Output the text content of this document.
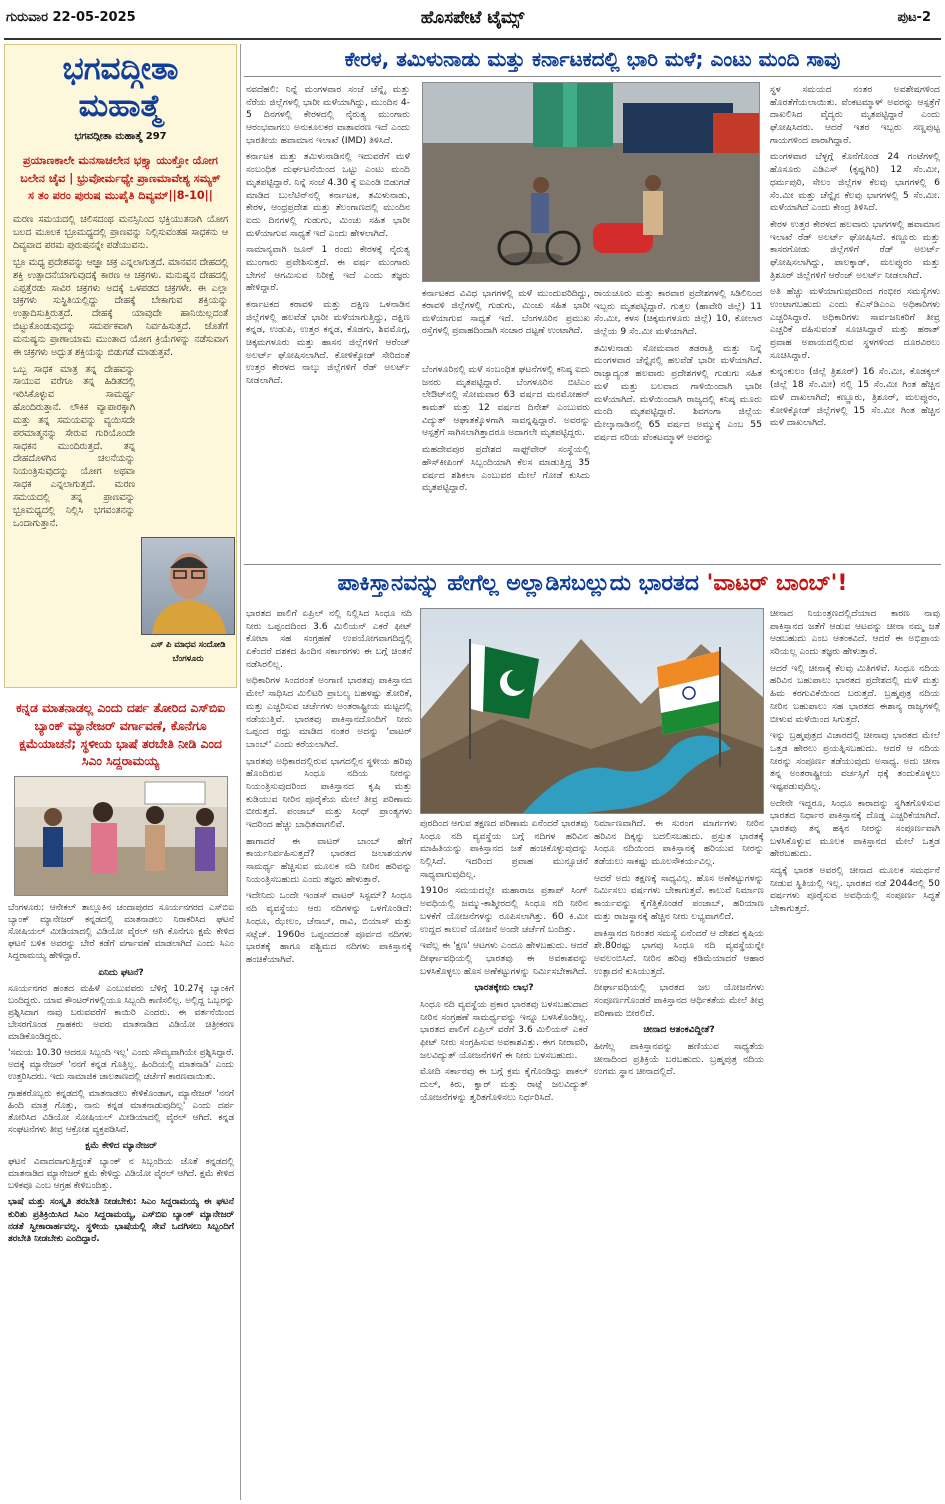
ಗುರುವಾರ 22-05-2025	ಹೊಸಪೇಟೆ ಟೈಮ್ಸ್	ಪುಟ-2
ಭಗವದ್ಗೀತಾ
ಮಹಾತ್ಮೆ
ಭಗವದ್ಗೀತಾ ಮಹಾತ್ಮೆ 297
ಪ್ರಯಾಣಕಾಲೇ ಮನಸಾಚಲೇನ ಭಕ್ತ್ಯಾ ಯುಕ್ತೋ ಯೋಗ ಬಲೇನ ಚೈವ | ಭ್ರುವೋರ್ಮಧ್ಯೇ ಪ್ರಾಣಮಾವೇಶ್ಯ ಸಮ್ಯಕ್ ಸ ತಂ ಪರಂ ಪುರುಷ ಮುಪೈತಿ ದಿವ್ಯಮ್||8-10||

ಮರಣ ಸಮಯದಲ್ಲಿ ಚಲಿಸದಂಥ ಮನಸ್ಸಿನಿಂದ ಭಕ್ತಿಯುತನಾಗಿ ಯೋಗ ಬಲದ ಮೂಲಕ ಭ್ರೂಮಧ್ಯದಲ್ಲಿ ಪ್ರಾಣವನ್ನು ನಿಲ್ಲಿಸುವಂತಹ ಸಾಧಕನು ಆ ದಿವ್ಯವಾದ ಪರಮ ಪುರುಷನನ್ನೇ ಪಡೆಯುವನು.

ಭ್ರೂ ಮಧ್ಯ ಪ್ರದೇಶವನ್ನು ಆಜ್ಞಾ ಚಕ್ರ ಎನ್ನಲಾಗುತ್ತದೆ. ಮಾನವನ ದೇಹದಲ್ಲಿ ಶಕ್ತಿ ಉತ್ಪಾದನೆಯಾಗುವುದಕ್ಕೆ ಕಾರಣ ಆ ಚಕ್ರಗಳು. ಮನುಷ್ಯನ ದೇಹದಲ್ಲಿ ಎಪ್ಪತ್ತೆರಡು ಸಾವಿರ ಚಕ್ರಗಳು ಅದಕ್ಕೆ ಒಳಪಡದ ಚಕ್ರಗಳೇ. ಈ ಎಲ್ಲಾ ಚಕ್ರಗಳು ಸುಸ್ಥಿತಿಯಲ್ಲಿದ್ದು ದೇಹಕ್ಕೆ ಬೇಕಾಗುವ ಶಕ್ತಿಯನ್ನು ಉತ್ಪಾದಿಸುತ್ತಿರುತ್ತದೆ. ದೇಹಕ್ಕೆ ಯಾವುದೇ ಹಾನಿಯಿಲ್ಲದಂತೆ ಬಿಟ್ಟುಕೊಂಡುವುದನ್ನು ಸಮರ್ಪಕವಾಗಿ ನಿರ್ವಹಿಸುತ್ತದೆ. ಜೊತೆಗೆ ಮನುಷ್ಯನು ಪ್ರಾಣಾಯಾಮ ಮುಂತಾದ ಯೋಗ ಕ್ರಿಯೆಗಳನ್ನು ನಡೆಸುವಾಗ ಈ ಚಕ್ರಗಳು ಅದ್ಭುತ ಶಕ್ತಿಯನ್ನು ಬಿಡುಗಡೆ ಮಾಡುತ್ತವೆ.

ಒಬ್ಬ ಸಾಧಕ ಮಾತ್ರ ತನ್ನ ದೇಹವನ್ನು ಸಾಯುವ ವರೆಗೂ ತನ್ನ ಹಿಡಿತದಲ್ಲಿ ಇರಿಸಿಕೊಳ್ಳುವ ಸಾಮರ್ಥ್ಯ ಹೊಂದಿರುತ್ತಾನೆ. ಲೌಕಿಕ ವ್ಯಾಪಾರಕ್ಕಾಗಿ ಮತ್ತು ತನ್ನ ಸಮಯವನ್ನು ವ್ಯಯಿಸದೇ ಪರಮಾತ್ಮನನ್ನು ಸೇರುವ ಗುರಿಯೊಂದೇ ಸಾಧಕನ ಮುಂದಿರುತ್ತದೆ. ತನ್ನ ದೇಹದೊಳಗಿನ ಚಲನೆಯನ್ನು ನಿಯಂತ್ರಿಸುವುದನ್ನು ಯೋಗ ಅಥವಾ ಸಾಧಕ ಎನ್ನಲಾಗುತ್ತದೆ. ಮರಣ ಸಮಯದಲ್ಲಿ ತನ್ನ ಪ್ರಾಣವನ್ನು ಭ್ರೂಮಧ್ಯದಲ್ಲಿ ನಿಲ್ಲಿಸಿ ಭಗವಂತನನ್ನು ಒಂದಾಗುತ್ತಾನೆ.

ಎಸ್ ಪಿ ಮಾಧವ ಸಂದೋಡಿ
ಬೆಂಗಳೂರು
ಕನ್ನಡ ಮಾತನಾಡಲ್ಲ ಎಂದು ದರ್ಪ ತೋರಿದ ಎಸ್‌ಬಿಐ ಬ್ಯಾಂಕ್ ಮ್ಯಾನೇಜರ್ ವರ್ಗಾವಣೆ, ಕೊನೆಗೂ ಕ್ಷಮೆಯಾಚನೆ; ಸ್ಥಳೀಯ ಭಾಷೆ ತರಬೇತಿ ನೀಡಿ ಎಂದ ಸಿಎಂ ಸಿದ್ದರಾಮಯ್ಯ

ಬೆಂಗಳೂರು: ಆನೇಕಲ್ ತಾಲ್ಲೂಕಿನ ಚಂದಾಪುರದ ಸೂರ್ಯನಗರದ ಎಸ್‌ಬಿಐ ಬ್ಯಾಂಕ್ ಮ್ಯಾನೇಜರ್ ಕನ್ನಡದಲ್ಲಿ ಮಾತನಾಡಲು ನಿರಾಕರಿಸಿದ ಘಟನೆ ಸೋಷಿಯಲ್ ಮೀಡಿಯಾದಲ್ಲಿ ವಿಡಿಯೋ ವೈರಲ್ ಆಗಿ ಕೊನೆಗೂ ಕ್ಷಮೆ ಕೇಳಿದ ಘಟನೆ ಬಳಿಕ ಅವರನ್ನು ಬೇರೆ ಕಡೆಗೆ ವರ್ಗಾವಣೆ ಮಾಡಲಾಗಿದೆ ಎಂದು ಸಿಎಂ ಸಿದ್ದರಾಮಯ್ಯ ಹೇಳಿದ್ದಾರೆ.

ಏನಿದು ಘಟನೆ?

ಸೂರ್ಯನಗರ ಹಂತದ ಮಹಿಳೆ ಎಂಬುವವರು ಬೆಳಿಗ್ಗೆ 10.27ಕ್ಕೆ ಬ್ಯಾಂಕಿಗೆ ಬಂದಿದ್ದರು. ಯಾವ ಕೌಂಟರ್‌ಗಳಲ್ಲಿಯೂ ಸಿಬ್ಬಂದಿ ಕಾಣಿಸಲಿಲ್ಲ. ಅಲ್ಲಿದ್ದ ಒಬ್ಬರನ್ನು ಪ್ರಶ್ನಿಸಿದಾಗ ನಾವು ಬರುವವರೆಗೆ ಕಾಯಿರಿ ಎಂದರು. ಈ ವರ್ತನೆಯಿಂದ ಬೇಸರಗೊಂಡ ಗ್ರಾಹಕರು ಅವರು ಮಾತನಾಡಿದ ವಿಡಿಯೋ ಚಿತ್ರೀಕರಣ ಮಾಡಿಕೊಂಡಿದ್ದರು.

'ಸಮಯ 10.30 ಆದರೂ ಸಿಬ್ಬಂದಿ ಇಲ್ಲ' ಎಂದು ಸೌಮ್ಯವಾಗಿಯೇ ಪ್ರಶ್ನಿಸಿದ್ದಾರೆ. ಅದಕ್ಕೆ ಮ್ಯಾನೇಜರ್ 'ನನಗೆ ಕನ್ನಡ ಗೊತ್ತಿಲ್ಲ. ಹಿಂದಿಯಲ್ಲಿ ಮಾತನಾಡಿ' ಎಂದು ಉತ್ತರಿಸಿದರು. ಇದು ಸಾಮಾಜಿಕ ಜಾಲತಾಣದಲ್ಲಿ ಚರ್ಚೆಗೆ ಕಾರಣವಾಯಿತು.

ಗ್ರಾಹಕರೊಬ್ಬರು ಕನ್ನಡದಲ್ಲಿ ಮಾತನಾಡಲು ಕೇಳಿಕೊಂಡಾಗ, ಮ್ಯಾನೇಜರ್ 'ನನಗೆ ಹಿಂದಿ ಮಾತ್ರ ಗೊತ್ತು, ನಾನು ಕನ್ನಡ ಮಾತನಾಡುವುದಿಲ್ಲ' ಎಂದು ದರ್ಪ ತೋರಿಸಿದ ವಿಡಿಯೋ ಸೋಷಿಯಲ್ ಮೀಡಿಯಾದಲ್ಲಿ ವೈರಲ್ ಆಗಿದೆ. ಕನ್ನಡ ಸಂಘಟನೆಗಳು ತೀವ್ರ ಆಕ್ರೋಶ ವ್ಯಕ್ತಪಡಿಸಿವೆ.

ಕ್ಷಮೆ ಕೇಳಿದ ಮ್ಯಾನೇಜರ್

ಘಟನೆ ವಿವಾದವಾಗುತ್ತಿದ್ದಂತೆ ಬ್ಯಾಂಕ್ ನ ಸಿಬ್ಬಂದಿಯ ಜೊತೆ ಕನ್ನಡದಲ್ಲಿ ಮಾತನಾಡಿದ ಮ್ಯಾನೇಜರ್ ಕ್ಷಮೆ ಕೇಳಿದ್ದು ವಿಡಿಯೋ ವೈರಲ್ ಆಗಿದೆ. ಕ್ಷಮೆ ಕೇಳಿದ ಬಳಿಕವೂ ಎಂಬ ಆಗ್ರಹ ಕೇಳಿಬಂದಿತ್ತು.

ಭಾಷೆ ಮತ್ತು ಸಂಸ್ಕೃತಿ ತರಬೇತಿ ನೀಡಬೇಕು: ಸಿಎಂ ಸಿದ್ದರಾಮಯ್ಯ ಈ ಘಟನೆ ಕುರಿತು ಪ್ರತಿಕ್ರಿಯಿಸಿದ ಸಿಎಂ ಸಿದ್ದರಾಮಯ್ಯ, ಎಸ್‌ಬಿಐ ಬ್ಯಾಂಕ್ ಮ್ಯಾನೇಜರ್ ನಡತೆ ಸ್ವೀಕಾರಾರ್ಹವಲ್ಲ. ಸ್ಥಳೀಯ ಭಾಷೆಯಲ್ಲಿ ಸೇವೆ ಒದಗಿಸಲು ಸಿಬ್ಬಂದಿಗೆ ತರಬೇತಿ ನೀಡಬೇಕು ಎಂದಿದ್ದಾರೆ.

ಕೇರಳ, ತಮಿಳುನಾಡು ಮತ್ತು ಕರ್ನಾಟಕದಲ್ಲಿ ಭಾರಿ ಮಳೆ; ಎಂಟು ಮಂದಿ ಸಾವು

ನವದೆಹಲಿ: ನಿನ್ನೆ ಮಂಗಳವಾರ ಸಂಜೆ ಚೆನ್ನೈ ಮತ್ತು ನೆರೆಯ ಜಿಲ್ಲೆಗಳಲ್ಲಿ ಭಾರೀ ಮಳೆಯಾಗಿದ್ದು, ಮುಂದಿನ 4-5 ದಿನಗಳಲ್ಲಿ ಕೇರಳದಲ್ಲಿ ನೈರುತ್ಯ ಮುಂಗಾರು ಆರಂಭವಾಗಲು ಅನುಕೂಲಕರ ವಾತಾವರಣ ಇದೆ ಎಂದು ಭಾರತೀಯ ಹವಾಮಾನ ಇಲಾಖೆ (IMD) ತಿಳಿಸಿದೆ.

ಕರ್ನಾಟಕ ಮತ್ತು ತಮಿಳುನಾಡಿನಲ್ಲಿ ಇದುವರೆಗೆ ಮಳೆ ಸಂಬಂಧಿತ ದುರ್ಘಟನೆಯಿಂದ ಒಟ್ಟು ಎಂಟು ಮಂದಿ ಮೃತಪಟ್ಟಿದ್ದಾರೆ. ನಿನ್ನೆ ಸಂಜೆ 4.30 ಕ್ಕೆ ಐಎಂಡಿ ಬಿಡುಗಡೆ ಮಾಡಿದ ಬುಲೆಟಿನ್‌ನಲ್ಲಿ ಕರ್ನಾಟಕ, ತಮಿಳುನಾಡು, ಕೇರಳ, ಆಂಧ್ರಪ್ರದೇಶ ಮತ್ತು ತೆಲಂಗಾಣದಲ್ಲಿ ಮುಂದಿನ ಐದು ದಿನಗಳಲ್ಲಿ ಗುಡುಗು, ಮಿಂಚು ಸಹಿತ ಭಾರೀ ಮಳೆಯಾಗುವ ಸಾಧ್ಯತೆ ಇದೆ ಎಂದು ಹೇಳಲಾಗಿದೆ.

ಸಾಮಾನ್ಯವಾಗಿ ಜೂನ್ 1 ರಂದು ಕೇರಳಕ್ಕೆ ನೈರುತ್ಯ ಮುಂಗಾರು ಪ್ರವೇಶಿಸುತ್ತದೆ. ಈ ವರ್ಷ ಮುಂಗಾರು ಬೇಗನೆ ಆಗಮಿಸುವ ನಿರೀಕ್ಷೆ ಇದೆ ಎಂದು ತಜ್ಞರು ಹೇಳಿದ್ದಾರೆ.

ಕರ್ನಾಟಕದ ಕರಾವಳಿ ಮತ್ತು ದಕ್ಷಿಣ ಒಳನಾಡಿನ ಜಿಲ್ಲೆಗಳಲ್ಲಿ ಹಲವೆಡೆ ಭಾರೀ ಮಳೆಯಾಗುತ್ತಿದ್ದು, ದಕ್ಷಿಣ ಕನ್ನಡ, ಉಡುಪಿ, ಉತ್ತರ ಕನ್ನಡ, ಕೊಡಗು, ಶಿವಮೊಗ್ಗ, ಚಿಕ್ಕಮಗಳೂರು ಮತ್ತು ಹಾಸನ ಜಿಲ್ಲೆಗಳಿಗೆ ಆರೆಂಜ್ ಅಲರ್ಟ್ ಘೋಷಿಸಲಾಗಿದೆ. ಕೋಳಿಕ್ಕೋಡ್ ಸೇರಿದಂತೆ ಉತ್ತರ ಕೇರಳದ ನಾಲ್ಕು ಜಿಲ್ಲೆಗಳಿಗೆ ರೆಡ್ ಅಲರ್ಟ್ ನೀಡಲಾಗಿದೆ.

ಕರ್ನಾಟಕದ ವಿವಿಧ ಭಾಗಗಳಲ್ಲಿ ಮಳೆ ಮುಂದುವರಿದಿದ್ದು, ಕರಾವಳಿ ಜಿಲ್ಲೆಗಳಲ್ಲಿ ಗುಡುಗು, ಮಿಂಚು ಸಹಿತ ಭಾರೀ ಮಳೆಯಾಗುವ ಸಾಧ್ಯತೆ ಇದೆ. ಬೆಂಗಳೂರಿನ ಪ್ರಮುಖ ರಸ್ತೆಗಳಲ್ಲಿ ಪ್ರವಾಹದಿಂದಾಗಿ ಸಂಚಾರ ದಟ್ಟಣೆ ಉಂಟಾಗಿದೆ.

ಬೆಂಗಳೂರಿನಲ್ಲಿ ಮಳೆ ಸಂಬಂಧಿತ ಘಟನೆಗಳಲ್ಲಿ ಕನಿಷ್ಠ ಐದು ಜನರು ಮೃತಪಟ್ಟಿದ್ದಾರೆ. ಬೆಂಗಳೂರಿನ ಬಿಟಿಎಂ ಲೇಔಟ್‌ನಲ್ಲಿ ಸೋಮವಾರ 63 ವರ್ಷದ ಮನಮೋಹನ್ ಕಾಮತ್ ಮತ್ತು 12 ವರ್ಷದ ದಿನೇಶ್ ಎಂಬುವರು ವಿದ್ಯುತ್ ಆಘಾತಕ್ಕೊಳಗಾಗಿ ಸಾವನ್ನಪ್ಪಿದ್ದಾರೆ. ಅವರನ್ನು ಆಸ್ಪತ್ರೆಗೆ ಸಾಗಿಸಲಾಗಿತ್ತಾದರೂ ಅದಾಗಲೇ ಮೃತಪಟ್ಟಿದ್ದರು.

ಮಹದೇವಪುರ ಪ್ರದೇಶದ ಸಾಫ್ಟ್‌ವೇರ್ ಸಂಸ್ಥೆಯಲ್ಲಿ ಹೌಸ್‌ಕೀಪಿಂಗ್ ಸಿಬ್ಬಂದಿಯಾಗಿ ಕೆಲಸ ಮಾಡುತ್ತಿದ್ದ 35 ವರ್ಷದ ಶಶಿಕಲಾ ಎಂಬುವರ ಮೇಲೆ ಗೋಡೆ ಕುಸಿದು ಮೃತಪಟ್ಟಿದ್ದಾರೆ.

ರಾಯಚೂರು ಮತ್ತು ಕಾರವಾರ ಪ್ರದೇಶಗಳಲ್ಲಿ ಸಿಡಿಲಿನಿಂದ ಇಬ್ಬರು ಮೃತಪಟ್ಟಿದ್ದಾರೆ. ಗುತ್ತಲ (ಹಾವೇರಿ ಜಿಲ್ಲೆ) 11 ಸೆಂ.ಮೀ, ಕಳಸ (ಚಿಕ್ಕಮಗಳೂರು ಜಿಲ್ಲೆ) 10, ಕೋಲಾರ ಜಿಲ್ಲೆಯ 9 ಸೆಂ.ಮೀ ಮಳೆಯಾಗಿದೆ.

ತಮಿಳುನಾಡು ಸೋಮವಾರ ತಡರಾತ್ರಿ ಮತ್ತು ನಿನ್ನೆ ಮಂಗಳವಾರ ಚೆನ್ನೈನಲ್ಲಿ ಹಲವೆಡೆ ಭಾರೀ ಮಳೆಯಾಗಿದೆ. ರಾಜ್ಯಾದ್ಯಂತ ಹಲವಾರು ಪ್ರದೇಶಗಳಲ್ಲಿ ಗುಡುಗು ಸಹಿತ ಮಳೆ ಮತ್ತು ಬಲವಾದ ಗಾಳಿಯಿಂದಾಗಿ ಭಾರೀ ಮಳೆಯಾಗಿದೆ. ಮಳೆಯಿಂದಾಗಿ ರಾಜ್ಯದಲ್ಲಿ ಕನಿಷ್ಠ ಮೂರು ಮಂದಿ ಮೃತಪಟ್ಟಿದ್ದಾರೆ. ಶಿವಗಂಗಾ ಜಿಲ್ಲೆಯ ಮೇಲ್ಕಾನಾಡಿನಲ್ಲಿ 65 ವರ್ಷದ ಅಮ್ಮುಕ್ಕೆ ಎಂಬ 55 ವರ್ಷದ ನರಿಯ ವೆಂಕಟಮ್ಮಾಳ್ ಅವರನ್ನು

ಸ್ಥಳ ಸಮಯದ ನಂತರ ಅವಶೇಷಗಳಿಂದ ಹೊರತೆಗೆಯಲಾಯಿತು. ವೆಂಕಟಮ್ಮಾಳ್ ಅವರನ್ನು ಆಸ್ಪತ್ರೆಗೆ ದಾಖಲಿಸಿದ ವೈದ್ಯರು ಮೃತಪಟ್ಟಿದ್ದಾರೆ ಎಂದು ಘೋಷಿಸಿದರು. ಆದರೆ ಇತರ ಇಬ್ಬರು ಸಣ್ಣಪುಟ್ಟ ಗಾಯಗಳಿಂದ ಪಾರಾಗಿದ್ದಾರೆ.

ಮಂಗಳವಾರ ಬೆಳ್ಳಗ್ಗೆ ಕೊನೆಗೊಂಡ 24 ಗಂಟೆಗಳಲ್ಲಿ ಹೊಸೂರು ಎಡಿಎಸ್ (ಕೃಷ್ಣಗಿರಿ) 12 ಸೆಂ.ಮೀ, ಧರ್ಮಪುರಿ, ಸೇಲಂ ಜಿಲ್ಲೆಗಳ ಕೆಲವು ಭಾಗಗಳಲ್ಲಿ 6 ಸೆಂ.ಮೀ ಮತ್ತು ಚೆನ್ನೈನ ಕೆಲವು ಭಾಗಗಳಲ್ಲಿ 5 ಸೆಂ.ಮೀ. ಮಳೆಯಾಗಿದೆ ಎಂದು ಕೇಂದ್ರ ತಿಳಿಸಿದೆ.

ಕೇರಳ ಉತ್ತರ ಕೇರಳದ ಹಲವಾರು ಭಾಗಗಳಲ್ಲಿ ಹವಾಮಾನ ಇಲಾಖೆ ರೆಡ್ ಅಲರ್ಟ್ ಘೋಷಿಸಿದೆ. ಕಣ್ಣೂರು ಮತ್ತು ಕಾಸರಗೋಡು ಜಿಲ್ಲೆಗಳಿಗೆ ರೆಡ್ ಅಲರ್ಟ್ ಘೋಷಿಸಲಾಗಿದ್ದು, ಪಾಲಕ್ಕಾಡ್, ಮಲಪ್ಪುರಂ ಮತ್ತು ತ್ರಿಶೂರ್ ಜಿಲ್ಲೆಗಳಿಗೆ ಆರೆಂಜ್ ಅಲರ್ಟ್ ನೀಡಲಾಗಿದೆ.

ಅತಿ ಹೆಚ್ಚು ಮಳೆಯಾಗುವುದರಿಂದ ಗಂಭೀರ ಸಮಸ್ಯೆಗಳು ಉಂಟಾಗಬಹುದು ಎಂದು ಕೆಎಸ್‌ಡಿಎಂಎ ಅಧಿಕಾರಿಗಳು ಎಚ್ಚರಿಸಿದ್ದಾರೆ. ಅಧಿಕಾರಿಗಳು ಸಾರ್ವಜನಿಕರಿಗೆ ತೀವ್ರ ಎಚ್ಚರಿಕೆ ವಹಿಸುವಂತೆ ಸೂಚಿಸಿದ್ದಾರೆ ಮತ್ತು ಹಠಾತ್ ಪ್ರವಾಹ ಅಪಾಯದಲ್ಲಿರುವ ಸ್ಥಳಗಳಿಂದ ದೂರವಿರಲು ಸೂಚಿಸಿದ್ದಾರೆ.

ಕುನ್ನಂಕುಲಂ (ಜಿಲ್ಲೆ ತ್ರಿಶೂರ್) 16 ಸೆಂ.ಮೀ, ಕೊಡಕ್ಕಲ್ (ಜಿಲ್ಲೆ 18 ಸೆಂ.ಮೀ) ನಲ್ಲಿ 15 ಸೆಂ.ಮೀ ಗಿಂತ ಹೆಚ್ಚಿನ ಮಳೆ ದಾಖಲಾಗಿದೆ; ಕಣ್ಣೂರು, ತ್ರಿಶೂರ್, ಮಲಪ್ಪುರಂ, ಕೋಳಿಕ್ಕೋಡ್ ಜಿಲ್ಲೆಗಳಲ್ಲಿ 15 ಸೆಂ.ಮೀ ಗಿಂತ ಹೆಚ್ಚಿನ ಮಳೆ ದಾಖಲಾಗಿದೆ.

ಪಾಕಿಸ್ತಾನವನ್ನು ಹೇಗೆಲ್ಲ ಅಲ್ಲಾಡಿಸಬಲ್ಲುದು ಭಾರತದ 'ವಾಟರ್ ಬಾಂಬ್'!

ಭಾರತದ ಪಾಲಿಗೆ ಏಪ್ರಿಲ್ ನಲ್ಲಿ ನಿಲ್ಲಿಸಿದ ಸಿಂಧೂ ನದಿ ನೀರು ಒಪ್ಪಂದದಿಂದ 3.6 ಮಿಲಿಯನ್ ಎಕರೆ ಫೀಟ್ ಕೋಟಾ ಸಹ ಸಂಗ್ರಹಣೆ ಉಪಯೋಗವಾಗದಿದ್ದಲ್ಲಿ ಏಕೆಂದರೆ ದಶಕದ ಹಿಂದಿನ ಸರ್ಕಾರಗಳು ಈ ಬಗ್ಗೆ ಚಿಂತನೆ ನಡೆಸಿರಲಿಲ್ಲ.

ಅಧಿಕಾರಿಗಳ ಸಿಂದರಂತೆ ಅಂಗಾಣಿ ಭಾರತವು ಪಾಕಿಸ್ತಾನದ ಮೇಲೆ ಸಾಧಿಸಿದ ಮಿಲಿಟರಿ ಪ್ರಾಬಲ್ಯ ಬಹಳಷ್ಟು ತೋರಿಕೆ, ಮತ್ತು ಎಚ್ಚರಿಸುವ ಚರ್ಚೆಗಳು ಅಂತರಾಷ್ಟ್ರೀಯ ಮಟ್ಟದಲ್ಲಿ ನಡೆಯುತ್ತಿವೆ. ಭಾರತವು ಪಾಕಿಸ್ತಾನದೊಂದಿಗೆ ನೀರು ಒಪ್ಪಂದ ರದ್ದು ಮಾಡಿದ ನಂತರ ಅದನ್ನು 'ವಾಟರ್ ಬಾಂಬ್' ಎಂದು ಕರೆಯಲಾಗಿದೆ.

ಭಾರತವು ಅಧಿಕಾರದಲ್ಲಿರುವ ಭಾಗದಲ್ಲಿನ ಸ್ಥಳೀಯ ಹರಿವು ಹೊಂದಿರುವ ಸಿಂಧೂ ನದಿಯ ನೀರನ್ನು ನಿಯಂತ್ರಿಸುವುದರಿಂದ ಪಾಕಿಸ್ತಾನದ ಕೃಷಿ ಮತ್ತು ಕುಡಿಯುವ ನೀರಿನ ಪೂರೈಕೆಯ ಮೇಲೆ ತೀವ್ರ ಪರಿಣಾಮ ಬೀರುತ್ತದೆ. ಪಂಜಾಬ್ ಮತ್ತು ಸಿಂಧ್ ಪ್ರಾಂತ್ಯಗಳು ಇದರಿಂದ ಹೆಚ್ಚು ಬಾಧಿತವಾಗಲಿವೆ.

ಹಾಗಾದರೆ ಈ ವಾಟರ್ ಬಾಂಬ್ ಹೇಗೆ ಕಾರ್ಯನಿರ್ವಹಿಸುತ್ತದೆ? ಭಾರತದ ಜಲಾಶಯಗಳ ಸಾಮರ್ಥ್ಯ ಹೆಚ್ಚಿಸುವ ಮೂಲಕ ನದಿ ನೀರಿನ ಹರಿವನ್ನು ನಿಯಂತ್ರಿಸಬಹುದು ಎಂದು ತಜ್ಞರು ಹೇಳುತ್ತಾರೆ.

ಇದೇನಿದು ಒಂದೇ ಇಂಡಸ್ ವಾಟರ್ ಸಿಸ್ಟಮ್? ಸಿಂಧೂ ನದಿ ವ್ಯವಸ್ಥೆಯು ಆರು ನದಿಗಳನ್ನು ಒಳಗೊಂಡಿದೆ: ಸಿಂಧೂ, ಝೇಲಂ, ಚೆನಾಬ್, ರಾವಿ, ಬಿಯಾಸ್ ಮತ್ತು ಸಟ್ಲೆಜ್. 1960ರ ಒಪ್ಪಂದದಂತೆ ಪೂರ್ವದ ನದಿಗಳು ಭಾರತಕ್ಕೆ ಹಾಗೂ ಪಶ್ಚಿಮದ ನದಿಗಳು ಪಾಕಿಸ್ತಾನಕ್ಕೆ ಹಂಚಿಕೆಯಾಗಿವೆ.

ಪುರದಿಂದ ಆಗುವ ತಕ್ಷಣದ ಪರಿಣಾಮ ಏನೆಂದರೆ ಭಾರತವು ಸಿಂಧೂ ನದಿ ವ್ಯವಸ್ಥೆಯ ಬಗ್ಗೆ ನದಿಗಳ ಹರಿವಿನ ಮಾಹಿತಿಯನ್ನು ಪಾಕಿಸ್ತಾನದ ಜತೆ ಹಂಚಿಕೊಳ್ಳುವುದನ್ನು ನಿಲ್ಲಿಸಿದೆ. ಇದರಿಂದ ಪ್ರವಾಹ ಮುನ್ಸೂಚನೆ ಸಾಧ್ಯವಾಗುವುದಿಲ್ಲ.

1910ರ ಸಮಯದಲ್ಲೇ ಮಹಾರಾಜ ಪ್ರತಾಪ್ ಸಿಂಗ್ ಅವಧಿಯಲ್ಲಿ ಜಮ್ಮು-ಕಾಶ್ಮೀರದಲ್ಲಿ ಸಿಂಧೂ ನದಿ ನೀರಿನ ಬಳಕೆಗೆ ಯೋಜನೆಗಳನ್ನು ರೂಪಿಸಲಾಗಿತ್ತು. 60 ಕಿ.ಮೀ ಉದ್ದದ ಕಾಲುವೆ ಯೋಜನೆ ಅಂದೇ ಚರ್ಚೆಗೆ ಬಂದಿತ್ತು.

ಇವೆಲ್ಲ ಈ 'ಕ್ಷಣ' ಆಟಗಳು ಎಂದೂ ಹೇಳಬಹುದು. ಆದರೆ ದೀರ್ಘಾವಧಿಯಲ್ಲಿ ಭಾರತವು ಈ ಅವಕಾಶವನ್ನು ಬಳಸಿಕೊಳ್ಳಲು ಹೊಸ ಅಣೆಕಟ್ಟುಗಳನ್ನು ನಿರ್ಮಿಸಬೇಕಾಗಿದೆ.

ಭಾರತಕ್ಕೇನು ಲಾಭ?

ಸಿಂಧೂ ನದಿ ವ್ಯವಸ್ಥೆಯ ಪ್ರಕಾರ ಭಾರತವು ಬಳಸಬಹುದಾದ ನೀರಿನ ಸಂಗ್ರಹಣೆ ಸಾಮರ್ಥ್ಯವನ್ನು ಇನ್ನೂ ಬಳಸಿಕೊಂಡಿಲ್ಲ. ಭಾರತದ ಪಾಲಿಗೆ ಏಪ್ರಿಲ್ ವರೆಗೆ 3.6 ಮಿಲಿಯನ್ ಎಕರೆ ಫೀಟ್ ನೀರು ಸಂಗ್ರಹಿಸುವ ಅವಕಾಶವಿತ್ತು. ಈಗ ನೀರಾವರಿ, ಜಲವಿದ್ಯುತ್ ಯೋಜನೆಗಳಿಗೆ ಈ ನೀರು ಬಳಸಬಹುದು.

ಮೋದಿ ಸರ್ಕಾರವು ಈ ಬಗ್ಗೆ ಕ್ರಮ ಕೈಗೊಂಡಿದ್ದು ಪಾಕಲ್ ದುಲ್, ಕಿರು, ಕ್ವಾರ್ ಮತ್ತು ರಾಟ್ಲೆ ಜಲವಿದ್ಯುತ್ ಯೋಜನೆಗಳನ್ನು ತ್ವರಿತಗೊಳಿಸಲು ನಿರ್ಧರಿಸಿದೆ.

ನಿರ್ಮಾಣವಾಗಿದೆ. ಈ ಸುರಂಗ ಮಾರ್ಗಗಳು ನೀರಿನ ಹರಿವಿನ ದಿಕ್ಕನ್ನು ಬದಲಿಸಬಹುದು. ಪ್ರಸ್ತುತ ಭಾರತಕ್ಕೆ ಸಿಂಧೂ ನದಿಯಿಂದ ಪಾಕಿಸ್ತಾನಕ್ಕೆ ಹರಿಯುವ ನೀರನ್ನು ತಡೆಯಲು ಸಾಕಷ್ಟು ಮೂಲಸೌಕರ್ಯವಿಲ್ಲ.

ಆದರೆ ಅದು ತಕ್ಷಣಕ್ಕೆ ಸಾಧ್ಯವಿಲ್ಲ. ಹೊಸ ಅಣೆಕಟ್ಟುಗಳನ್ನು ನಿರ್ಮಿಸಲು ವರ್ಷಗಳು ಬೇಕಾಗುತ್ತವೆ. ಕಾಲುವೆ ನಿರ್ಮಾಣ ಕಾರ್ಯವನ್ನು ಕೈಗೆತ್ತಿಕೊಂಡರೆ ಪಂಜಾಬ್, ಹರಿಯಾಣ ಮತ್ತು ರಾಜಸ್ಥಾನಕ್ಕೆ ಹೆಚ್ಚಿನ ನೀರು ಲಭ್ಯವಾಗಲಿದೆ.

ಪಾಕಿಸ್ತಾನದ ನಿರಂತರ ಸಮಸ್ಯೆ ಏನೆಂದರೆ ಆ ದೇಶದ ಕೃಷಿಯ ಶೇ.80ರಷ್ಟು ಭಾಗವು ಸಿಂಧೂ ನದಿ ವ್ಯವಸ್ಥೆಯನ್ನೇ ಅವಲಂಬಿಸಿದೆ. ನೀರಿನ ಹರಿವು ಕಡಿಮೆಯಾದರೆ ಆಹಾರ ಉತ್ಪಾದನೆ ಕುಸಿಯುತ್ತದೆ.

ದೀರ್ಘಾವಧಿಯಲ್ಲಿ ಭಾರತದ ಜಲ ಯೋಜನೆಗಳು ಸಂಪೂರ್ಣಗೊಂಡರೆ ಪಾಕಿಸ್ತಾನದ ಆರ್ಥಿಕತೆಯ ಮೇಲೆ ತೀವ್ರ ಪರಿಣಾಮ ಬೀರಲಿದೆ.

ಚೀನಾದ ಆತಂಕವಿದ್ದೀತೆ?

ಹೀಗೆಲ್ಲ ಪಾಕಿಸ್ತಾನವನ್ನು ಹಣಿಯುವ ಸಾಧ್ಯತೆಯ ಚೀನಾದಿಂದ ಪ್ರತಿಕ್ರಿಯೆ ಬರಬಹುದು. ಬ್ರಹ್ಮಪುತ್ರ ನದಿಯ ಉಗಮ ಸ್ಥಾನ ಚೀನಾದಲ್ಲಿದೆ.

ಚೀನಾದ ನಿಯಂತ್ರಣದಲ್ಲಿದೆಯಾದ ಕಾರಣ ನಾವು ಪಾಕಿಸ್ತಾನದ ಜತೆಗೆ ಆಡುವ ಆಟವನ್ನು ಚೀನಾ ನಮ್ಮ ಜತೆ ಆಡಬಹುದು ಎಂಬ ಆತಂಕವಿದೆ. ಆದರೆ ಈ ಅಭಿಪ್ರಾಯ ಸರಿಯಲ್ಲ ಎಂದು ತಜ್ಞರು ಹೇಳುತ್ತಾರೆ.

ಆದರೆ ಇಲ್ಲಿ ಚೀನಾಕ್ಕೆ ಕೆಲವು ಮಿತಿಗಳಿವೆ. ಸಿಂಧೂ ನದಿಯ ಹರಿವಿನ ಬಹುಪಾಲು ಭಾರತದ ಪ್ರದೇಶದಲ್ಲಿ ಮಳೆ ಮತ್ತು ಹಿಮ ಕರಗುವಿಕೆಯಿಂದ ಬರುತ್ತದೆ. ಬ್ರಹ್ಮಪುತ್ರ ನದಿಯ ನೀರಿನ ಬಹುಪಾಲು ಸಹ ಭಾರತದ ಈಶಾನ್ಯ ರಾಜ್ಯಗಳಲ್ಲಿ ಬೀಳುವ ಮಳೆಯಿಂದ ಸಿಗುತ್ತದೆ.

ಇನ್ನು ಬ್ರಹ್ಮಪುತ್ರದ ವಿಚಾರದಲ್ಲಿ ಚೀನಾವು ಭಾರತದ ಮೇಲೆ ಒತ್ತಡ ಹೇರಲು ಪ್ರಯತ್ನಿಸಬಹುದು. ಆದರೆ ಆ ನದಿಯ ನೀರನ್ನು ಸಂಪೂರ್ಣ ತಡೆಯುವುದು ಅಸಾಧ್ಯ. ಅದು ಚೀನಾ ತನ್ನ ಅಂತರಾಷ್ಟ್ರೀಯ ವರ್ಚಸ್ಸಿಗೆ ಧಕ್ಕೆ ತಂದುಕೊಳ್ಳಲು ಇಷ್ಟಪಡುವುದಿಲ್ಲ.

ಅದೇನೇ ಇದ್ದರೂ, ಸಿಂಧೂ ಕಾರಾದನ್ನು ಸ್ಥಗಿತಗೊಳಿಸುವ ಭಾರತದ ನಿರ್ಧಾರ ಪಾಕಿಸ್ತಾನಕ್ಕೆ ದೊಡ್ಡ ಎಚ್ಚರಿಕೆಯಾಗಿದೆ. ಭಾರತವು ತನ್ನ ಹಕ್ಕಿನ ನೀರನ್ನು ಸಂಪೂರ್ಣವಾಗಿ ಬಳಸಿಕೊಳ್ಳುವ ಮೂಲಕ ಪಾಕಿಸ್ತಾನದ ಮೇಲೆ ಒತ್ತಡ ಹೇರಬಹುದು.

ಸದ್ಯಕ್ಕೆ ಭಾರತ ಅವರಲ್ಲಿ ಚೀನಾದ ಮೂಲಕ ಸಮರ್ಥನೆ ನೀಡುವ ಸ್ಥಿತಿಯಲ್ಲಿ ಇಲ್ಲ. ಭಾರತದ ನಡೆ 2044ರಲ್ಲಿ 50 ವರ್ಷಗಳು ಪೂರೈಸುವ ಅವಧಿಯಲ್ಲಿ ಸಂಪೂರ್ಣ ಸಿದ್ಧತೆ ಬೇಕಾಗುತ್ತದೆ.
